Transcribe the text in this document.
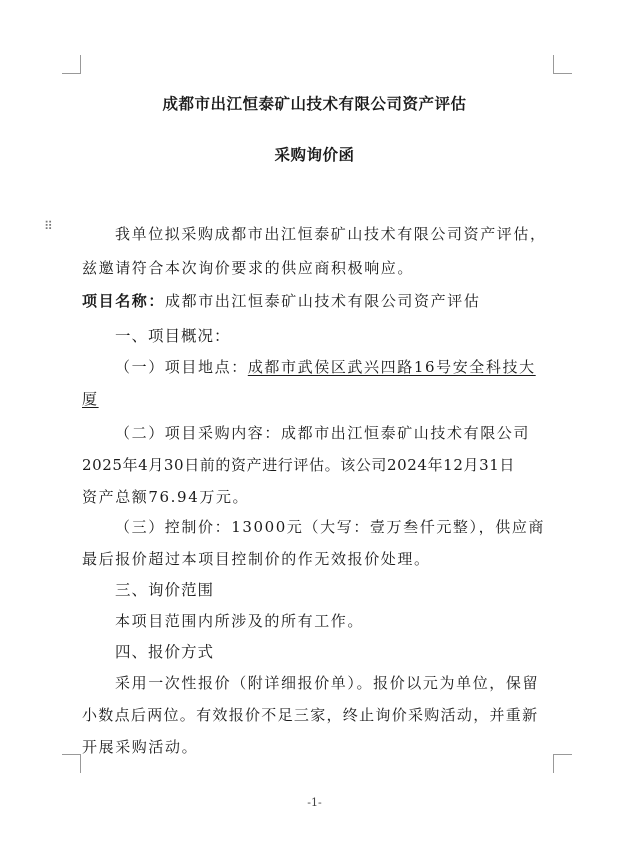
成都市出江恒泰矿山技术有限公司资产评估
采购询价函
⠿	我单位拟采购成都市出江恒泰矿山技术有限公司资产评估，
兹邀请符合本次询价要求的供应商积极响应。
项目名称：成都市出江恒泰矿山技术有限公司资产评估
一、项目概况：
（一）项目地点：成都市武侯区武兴四路16号安全科技大
厦
（二）项目采购内容：成都市出江恒泰矿山技术有限公司
2025年4月30日前的资产进行评估。该公司2024年12月31日
资产总额76.94万元。
（三）控制价：13000元（大写：壹万叁仟元整），供应商
最后报价超过本项目控制价的作无效报价处理。
三、询价范围
本项目范围内所涉及的所有工作。
四、报价方式
采用一次性报价（附详细报价单）。报价以元为单位，保留
小数点后两位。有效报价不足三家，终止询价采购活动，并重新
开展采购活动。
-1-
